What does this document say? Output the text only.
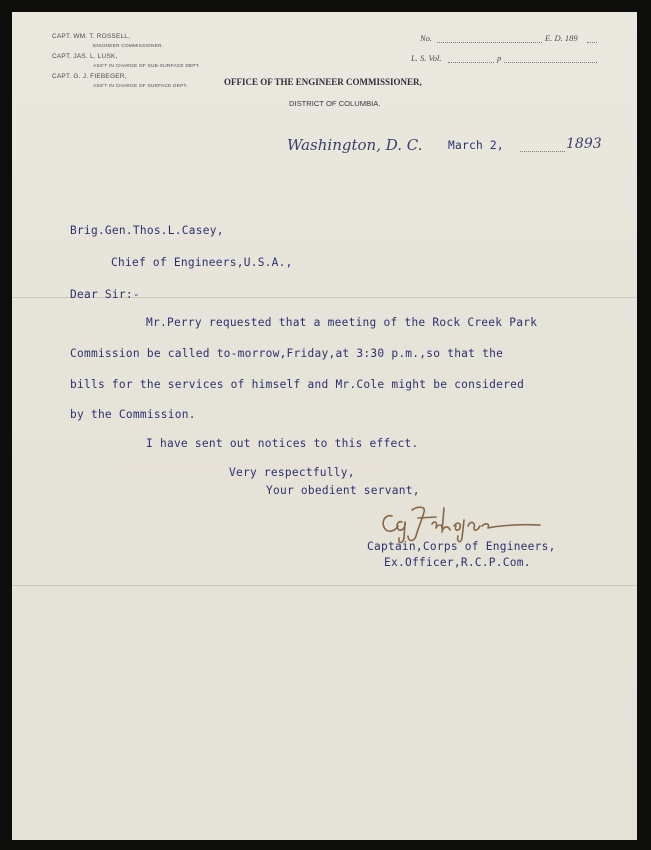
CAPT. WM. T. ROSSELL,
ENGINEER COMMISSIONER.
CAPT. JAS. L. LUSK,
ASS'T IN CHARGE OF SUB-SURFACE DEPT.
CAPT. G. J. FIEBEGER,
ASS'T IN CHARGE OF SURFACE DEPT.	OFFICE OF THE ENGINEER COMMISSIONER,
DISTRICT OF COLUMBIA.
No.	E. D. 189
L. S. Vol.	p
Washington, D. C. March 2,	1893
Brig.Gen.Thos.L.Casey,
Chief of Engineers,U.S.A.,
Dear Sir:-
Mr.Perry requested that a meeting of the Rock Creek Park
Commission be called to-morrow,Friday,at 3:30 p.m.,so that the
bills for the services of himself and Mr.Cole might be considered
by the Commission.
I have sent out notices to this effect.
Very respectfully,
Your obedient servant,
Captain,Corps of Engineers,
Ex.Officer,R.C.P.Com.
